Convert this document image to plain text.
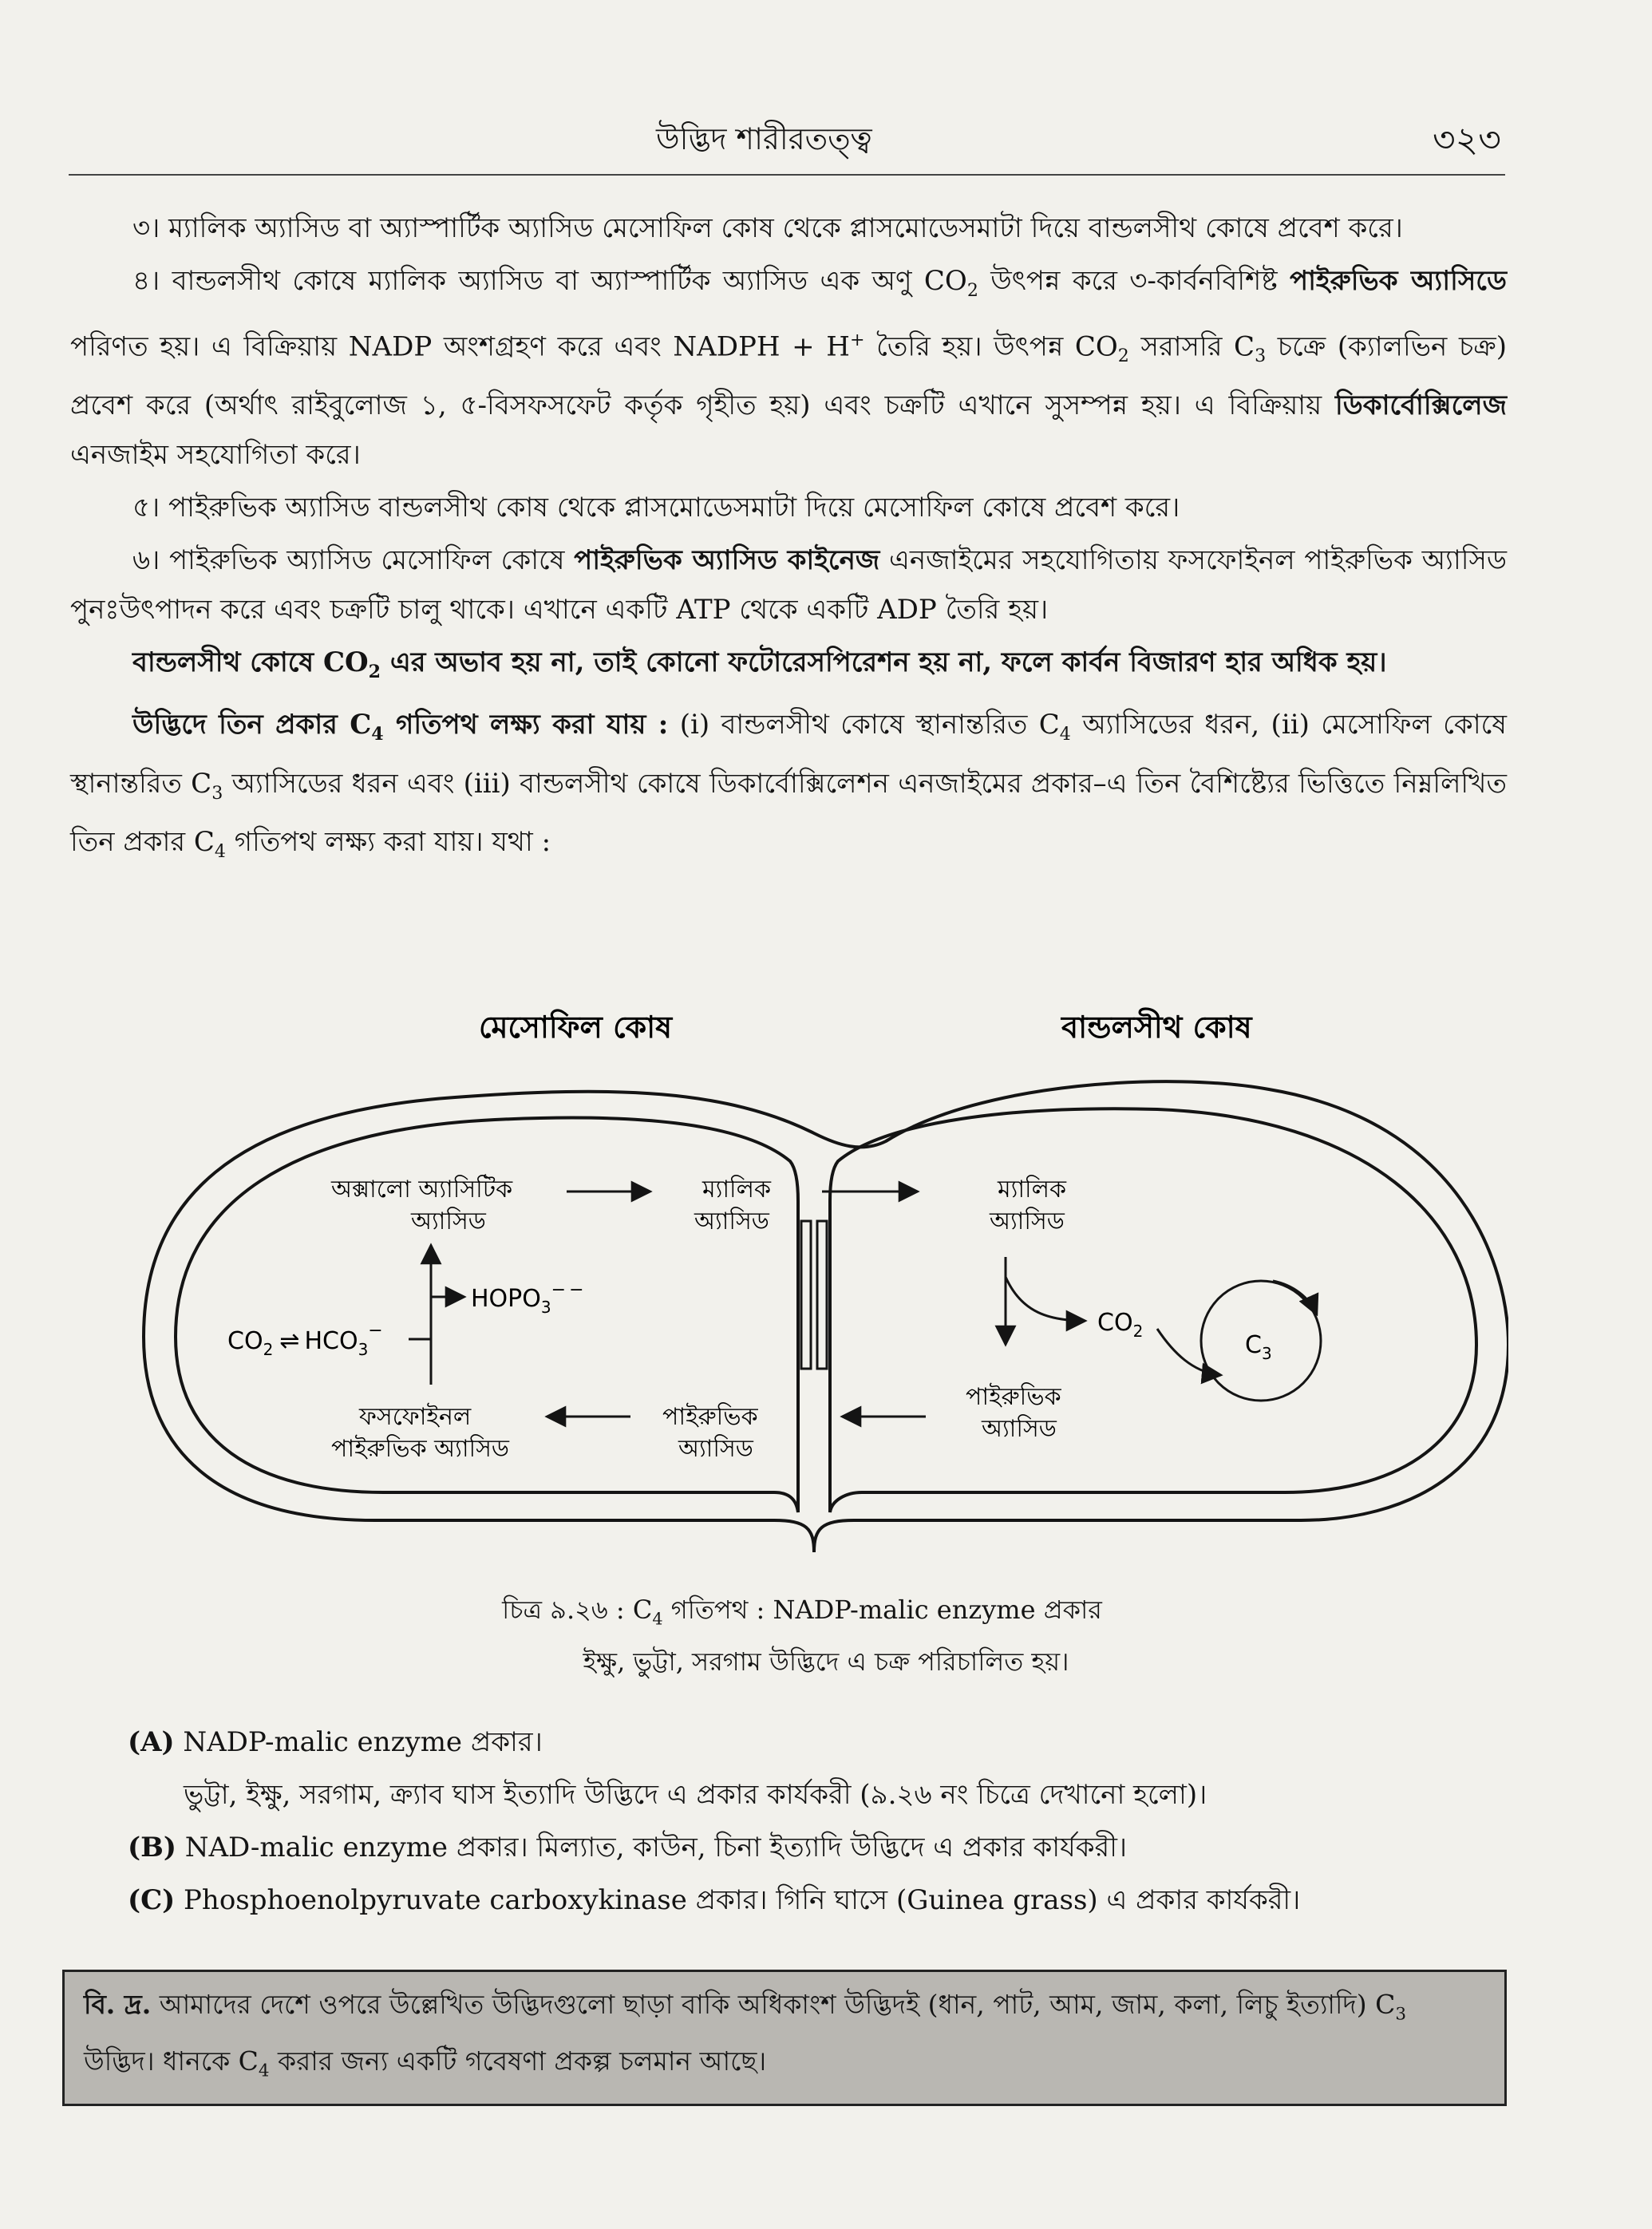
উদ্ভিদ শারীরতত্ত্ব	৩২৩

৩। ম্যালিক অ্যাসিড বা অ্যাস্পার্টিক অ্যাসিড মেসোফিল কোষ থেকে প্লাসমোডেসমাটা দিয়ে বান্ডলসীথ কোষে প্রবেশ করে।

৪। বান্ডলসীথ কোষে ম্যালিক অ্যাসিড বা অ্যাস্পার্টিক অ্যাসিড এক অণু $CO_2$ উৎপন্ন করে ৩-কার্বনবিশিষ্ট পাইরুভিক অ্যাসিডে পরিণত হয়। এ বিক্রিয়ায় NADP অংশগ্রহণ করে এবং NADPH + H+ তৈরি হয়। উৎপন্ন $CO_2$ সরাসরি $C_3$ চক্রে (ক্যালভিন চক্র) প্রবেশ করে (অর্থাৎ রাইবুলোজ ১, ৫-বিসফসফেট কর্তৃক গৃহীত হয়) এবং চক্রটি এখানে সুসম্পন্ন হয়। এ বিক্রিয়ায় ডিকার্বোক্সিলেজ এনজাইম সহযোগিতা করে।

৫। পাইরুভিক অ্যাসিড বান্ডলসীথ কোষ থেকে প্লাসমোডেসমাটা দিয়ে মেসোফিল কোষে প্রবেশ করে।

৬। পাইরুভিক অ্যাসিড মেসোফিল কোষে পাইরুভিক অ্যাসিড কাইনেজ এনজাইমের সহযোগিতায় ফসফোইনল পাইরুভিক অ্যাসিড পুনঃউৎপাদন করে এবং চক্রটি চালু থাকে। এখানে একটি ATP থেকে একটি ADP তৈরি হয়।

বান্ডলসীথ কোষে $CO_2$ এর অভাব হয় না, তাই কোনো ফটোরেসপিরেশন হয় না, ফলে কার্বন বিজারণ হার অধিক হয়।

উদ্ভিদে তিন প্রকার $C_4$ গতিপথ লক্ষ্য করা যায় : (i) বান্ডলসীথ কোষে স্থানান্তরিত $C_4$ অ্যাসিডের ধরন, (ii) মেসোফিল কোষে স্থানান্তরিত $C_3$ অ্যাসিডের ধরন এবং (iii) বান্ডলসীথ কোষে ডিকার্বোক্সিলেশন এনজাইমের প্রকার–এ তিন বৈশিষ্ট্যের ভিত্তিতে নিম্নলিখিত তিন প্রকার $C_4$ গতিপথ লক্ষ্য করা যায়। যথা :

মেসোফিল কোষ	বান্ডলসীথ কোষ
অক্সালো অ্যাসিটিক
অ্যাসিড
ম্যালিক
অ্যাসিড
ম্যালিক
অ্যাসিড
$HOPO_3^-$ −
$CO_2$ ⇌ $HCO_3^-$
ফসফোইনল
পাইরুভিক অ্যাসিড
পাইরুভিক
অ্যাসিড
পাইরুভিক
অ্যাসিড
$CO_2$	$C_3$
চিত্র ৯.২৬ : $C_4$ গতিপথ : NADP-malic enzyme প্রকার
ইক্ষু, ভুট্টা, সরগাম উদ্ভিদে এ চক্র পরিচালিত হয়।
(A) NADP-malic enzyme প্রকার।
ভুট্টা, ইক্ষু, সরগাম, ক্র্যাব ঘাস ইত্যাদি উদ্ভিদে এ প্রকার কার্যকরী (৯.২৬ নং চিত্রে দেখানো হলো)।
(B) NAD-malic enzyme প্রকার। মিল্যাত, কাউন, চিনা ইত্যাদি উদ্ভিদে এ প্রকার কার্যকরী।
(C) Phosphoenolpyruvate carboxykinase প্রকার। গিনি ঘাসে (Guinea grass) এ প্রকার কার্যকরী।
বি. দ্র. আমাদের দেশে ওপরে উল্লেখিত উদ্ভিদগুলো ছাড়া বাকি অধিকাংশ উদ্ভিদই (ধান, পাট, আম, জাম, কলা, লিচু ইত্যাদি) $C_3$ উদ্ভিদ। ধানকে $C_4$ করার জন্য একটি গবেষণা প্রকল্প চলমান আছে।
